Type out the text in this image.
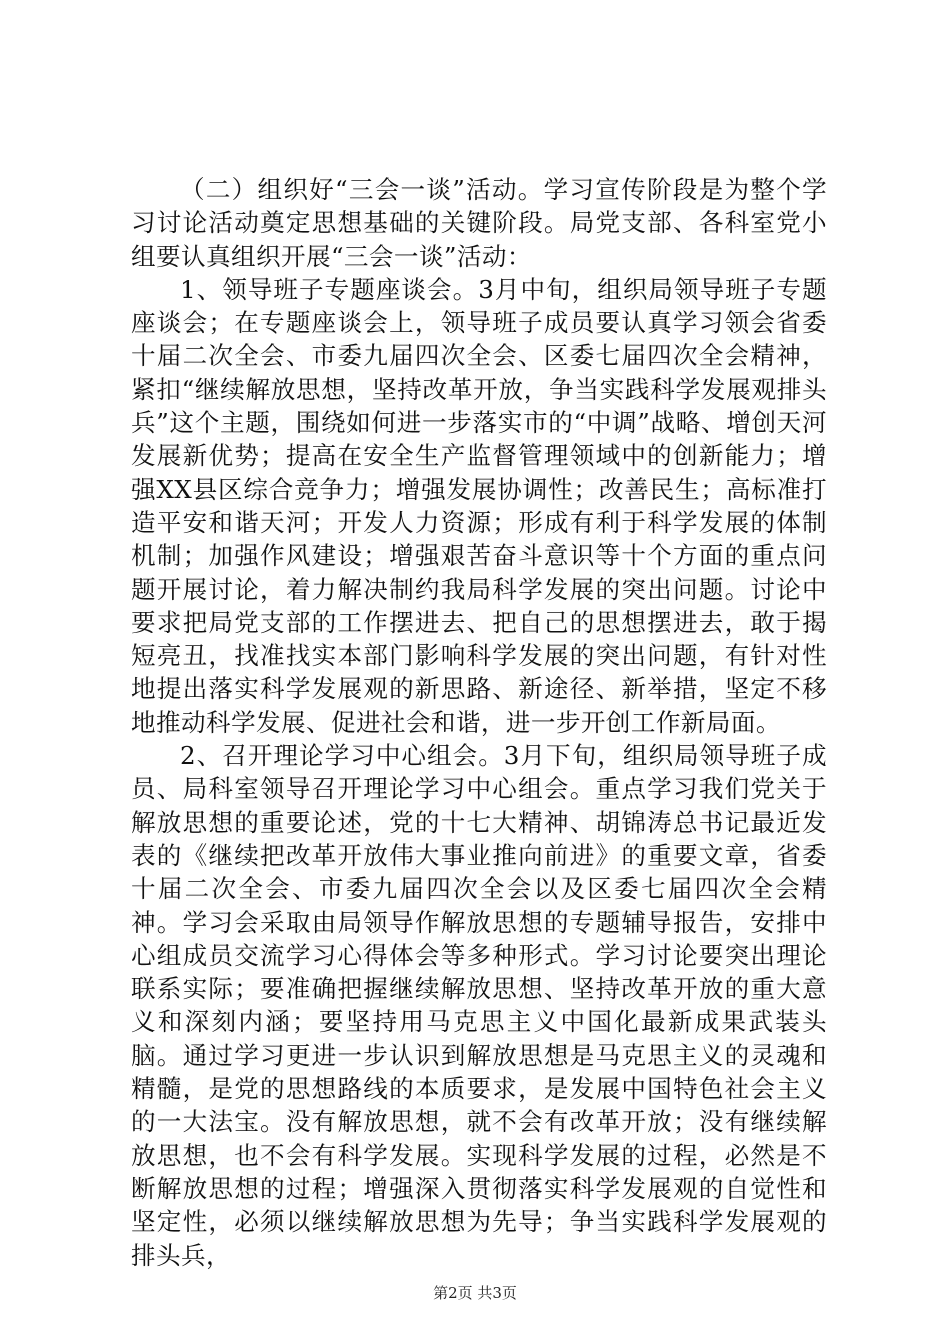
（二）组织好“三会一谈”活动。学习宣传阶段是为整个学习讨论活动奠定思想基础的关键阶段。局党支部、各科室党小组要认真组织开展“三会一谈”活动：

1、领导班子专题座谈会。3月中旬，组织局领导班子专题座谈会；在专题座谈会上，领导班子成员要认真学习领会省委十届二次全会、市委九届四次全会、区委七届四次全会精神，紧扣“继续解放思想，坚持改革开放，争当实践科学发展观排头兵”这个主题，围绕如何进一步落实市的“中调”战略、增创天河发展新优势；提高在安全生产监督管理领域中的创新能力；增强XX县区综合竞争力；增强发展协调性；改善民生；高标准打造平安和谐天河；开发人力资源；形成有利于科学发展的体制机制；加强作风建设；增强艰苦奋斗意识等十个方面的重点问题开展讨论，着力解决制约我局科学发展的突出问题。讨论中要求把局党支部的工作摆进去、把自己的思想摆进去，敢于揭短亮丑，找准找实本部门影响科学发展的突出问题，有针对性地提出落实科学发展观的新思路、新途径、新举措，坚定不移地推动科学发展、促进社会和谐，进一步开创工作新局面。

2、召开理论学习中心组会。3月下旬，组织局领导班子成员、局科室领导召开理论学习中心组会。重点学习我们党关于解放思想的重要论述，党的十七大精神、胡锦涛总书记最近发表的《继续把改革开放伟大事业推向前进》的重要文章，省委十届二次全会、市委九届四次全会以及区委七届四次全会精神。学习会采取由局领导作解放思想的专题辅导报告，安排中心组成员交流学习心得体会等多种形式。学习讨论要突出理论联系实际；要准确把握继续解放思想、坚持改革开放的重大意义和深刻内涵；要坚持用马克思主义中国化最新成果武装头脑。通过学习更进一步认识到解放思想是马克思主义的灵魂和精髓，是党的思想路线的本质要求，是发展中国特色社会主义的一大法宝。没有解放思想，就不会有改革开放；没有继续解放思想，也不会有科学发展。实现科学发展的过程，必然是不断解放思想的过程；增强深入贯彻落实科学发展观的自觉性和坚定性，必须以继续解放思想为先导；争当实践科学发展观的排头兵，

第2页 共3页
